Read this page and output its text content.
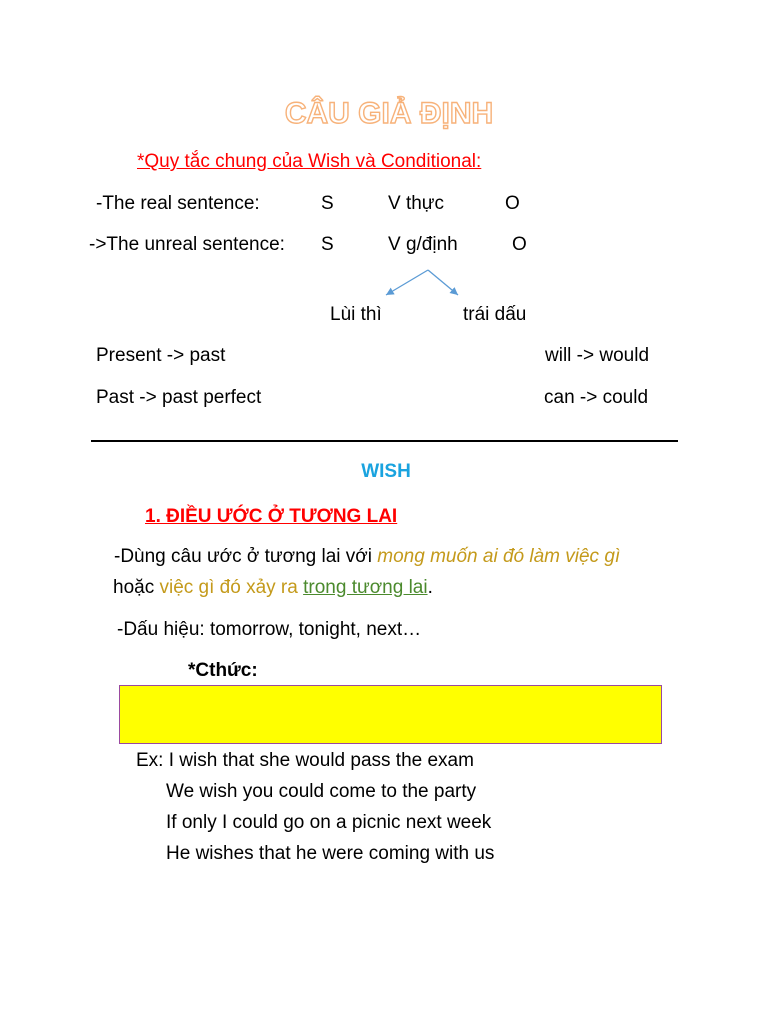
CÂU GIẢ ĐỊNH
*Quy tắc chung của Wish và Conditional:
-The real sentence:	S	V thực	O
->The unreal sentence: S	V g/định	O
Lùi thì	trái dấu
Present -> past	will -> would
Past -> past perfect	can -> could
WISH
1. ĐIỀU ƯỚC Ở TƯƠNG LAI
-Dùng câu ước ở tương lai với mong muốn ai đó làm việc gì
hoặc việc gì đó xảy ra trong tương lai.
-Dấu hiệu: tomorrow, tonight, next…
*Cthức:
Ex: I wish that she would pass the exam
We wish you could come to the party
If only I could go on a picnic next week
He wishes that he were coming with us
